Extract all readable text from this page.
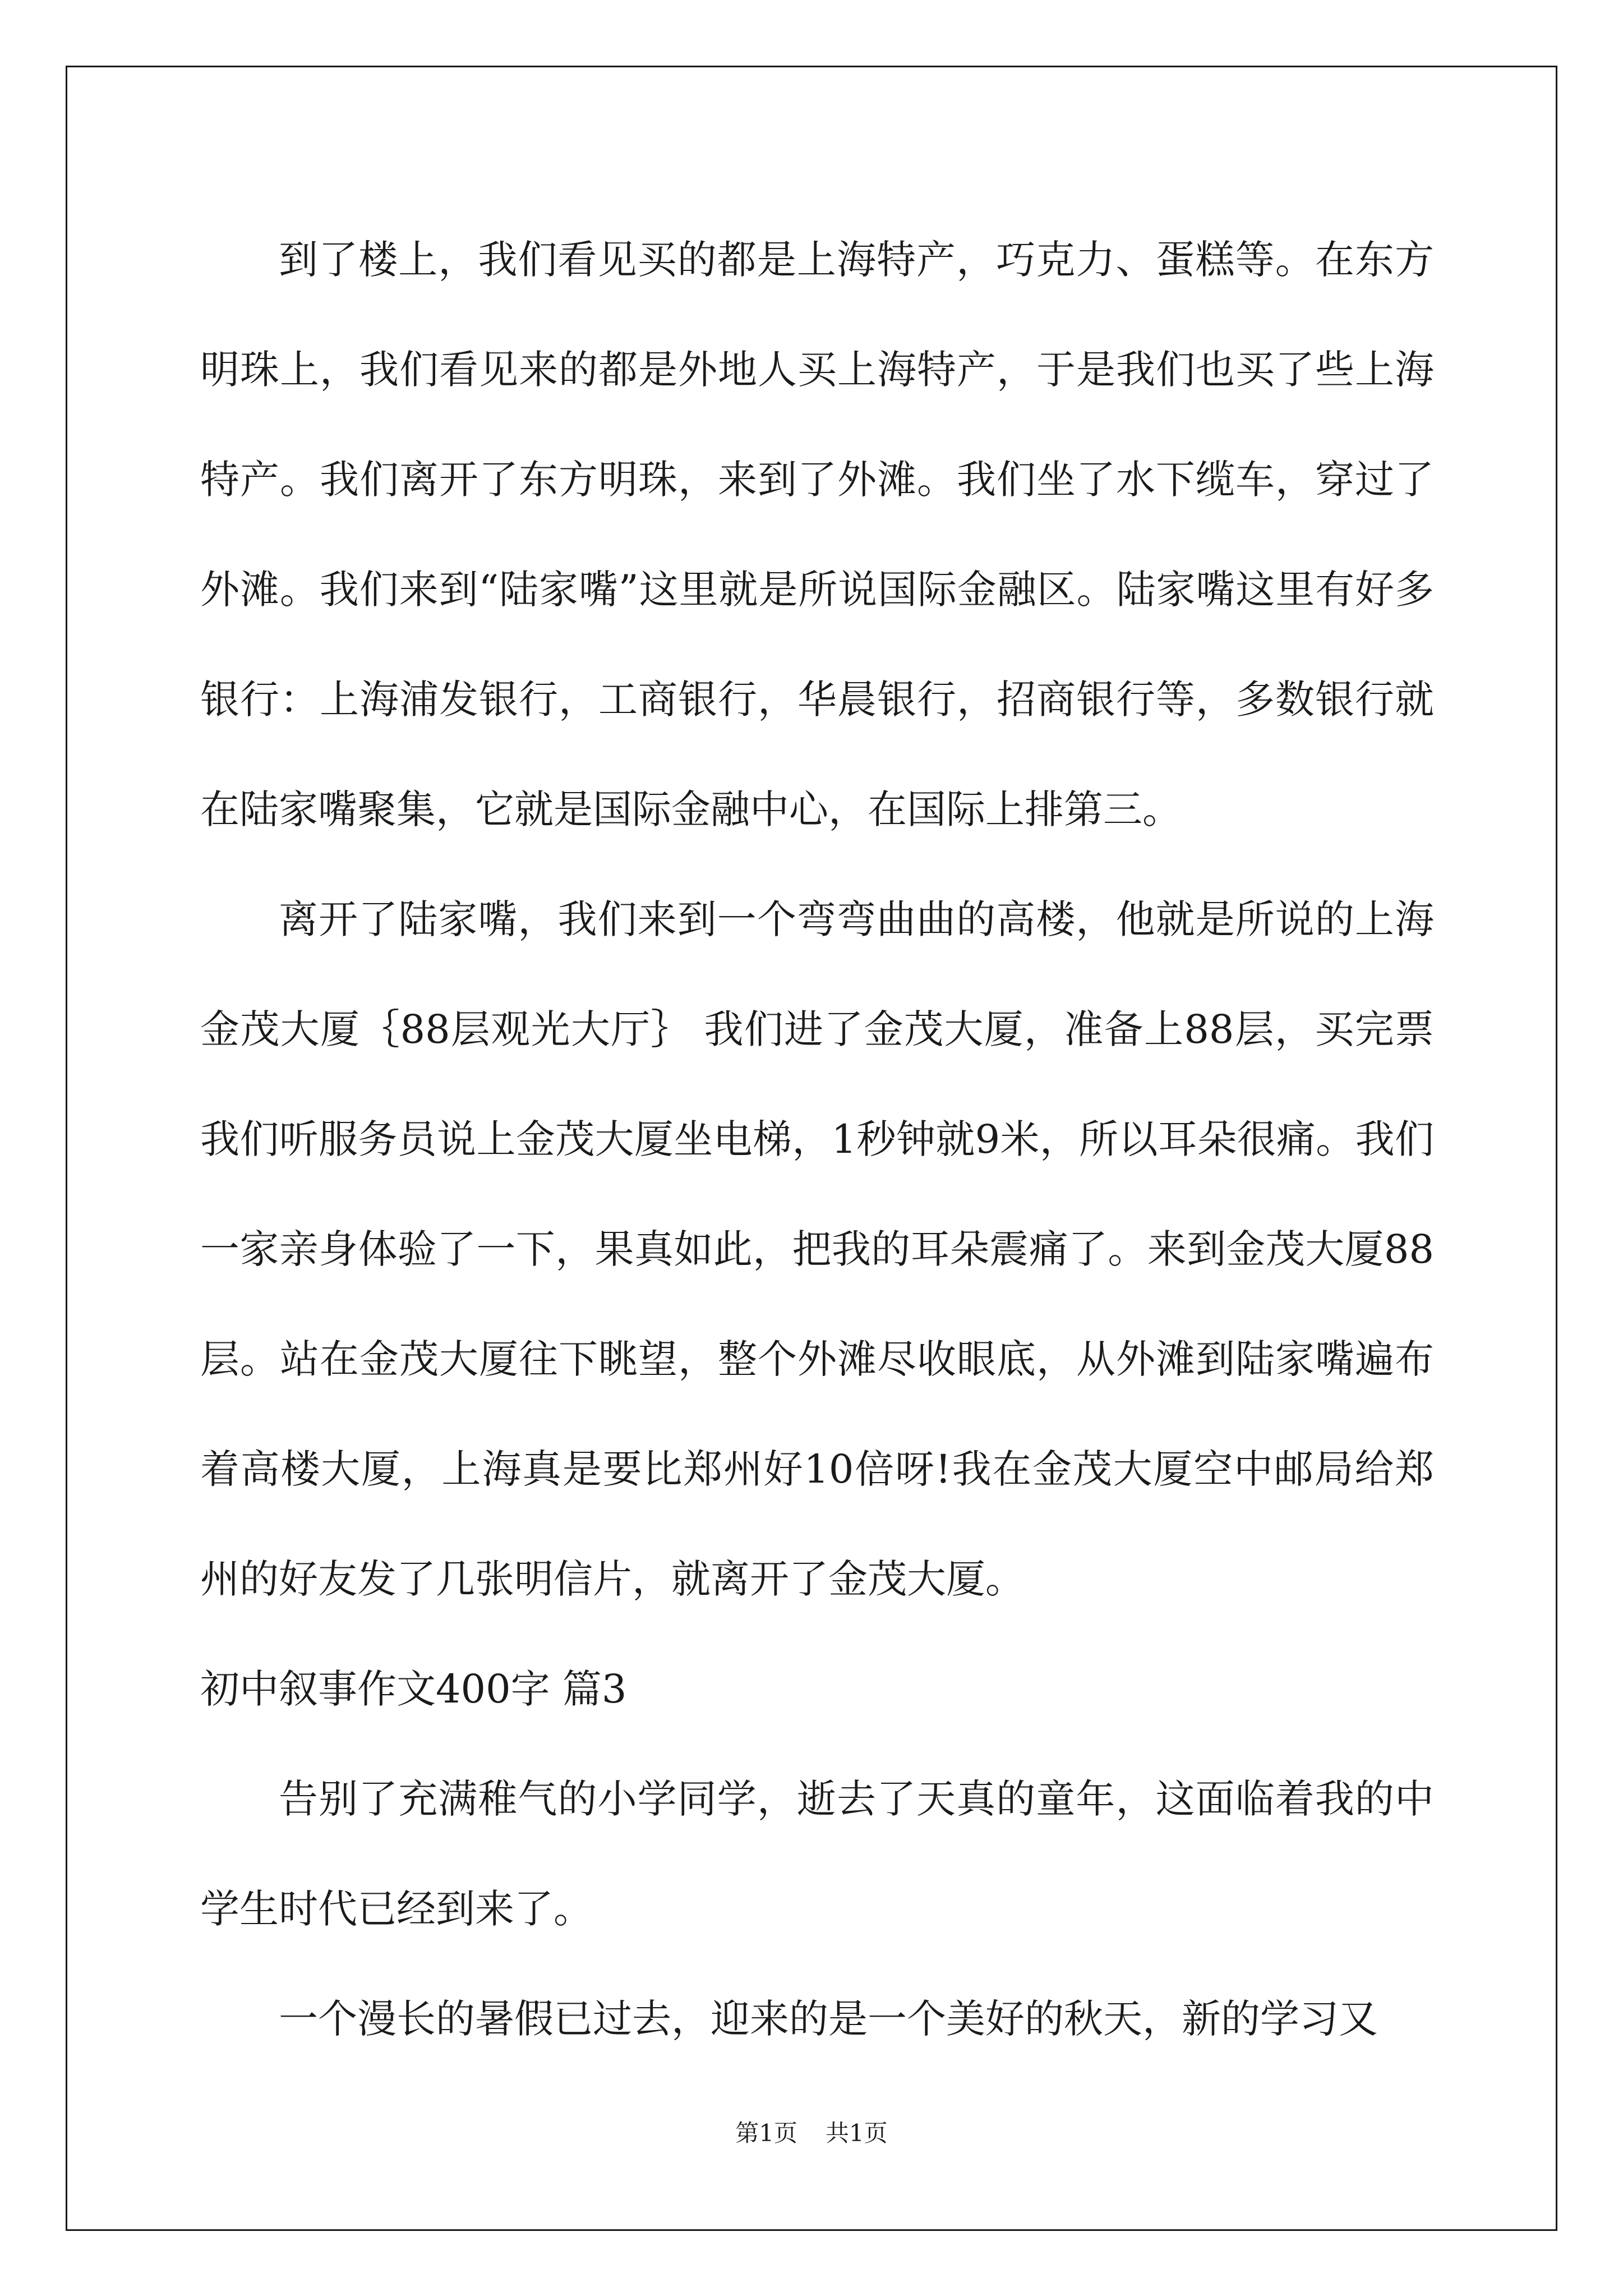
到了楼上，我们看见买的都是上海特产，巧克力、蛋糕等。在东方明珠上，我们看见来的都是外地人买上海特产，于是我们也买了些上海特产。我们离开了东方明珠，来到了外滩。我们坐了水下缆车，穿过了外滩。我们来到“陆家嘴”这里就是所说国际金融区。陆家嘴这里有好多银行：上海浦发银行，工商银行，华晨银行，招商银行等，多数银行就在陆家嘴聚集，它就是国际金融中心，在国际上排第三。

离开了陆家嘴，我们来到一个弯弯曲曲的高楼，他就是所说的上海金茂大厦｛88层观光大厅｝ 我们进了金茂大厦，准备上88层，买完票我们听服务员说上金茂大厦坐电梯，1秒钟就9米，所以耳朵很痛。我们一家亲身体验了一下，果真如此，把我的耳朵震痛了。来到金茂大厦88层。站在金茂大厦往下眺望，整个外滩尽收眼底，从外滩到陆家嘴遍布着高楼大厦，上海真是要比郑州好10倍呀!我在金茂大厦空中邮局给郑州的好友发了几张明信片，就离开了金茂大厦。

初中叙事作文400字 篇3

告别了充满稚气的小学同学，逝去了天真的童年，这面临着我的中学生时代已经到来了。

一个漫长的暑假已过去，迎来的是一个美好的秋天，新的学习又

第1页 共1页
